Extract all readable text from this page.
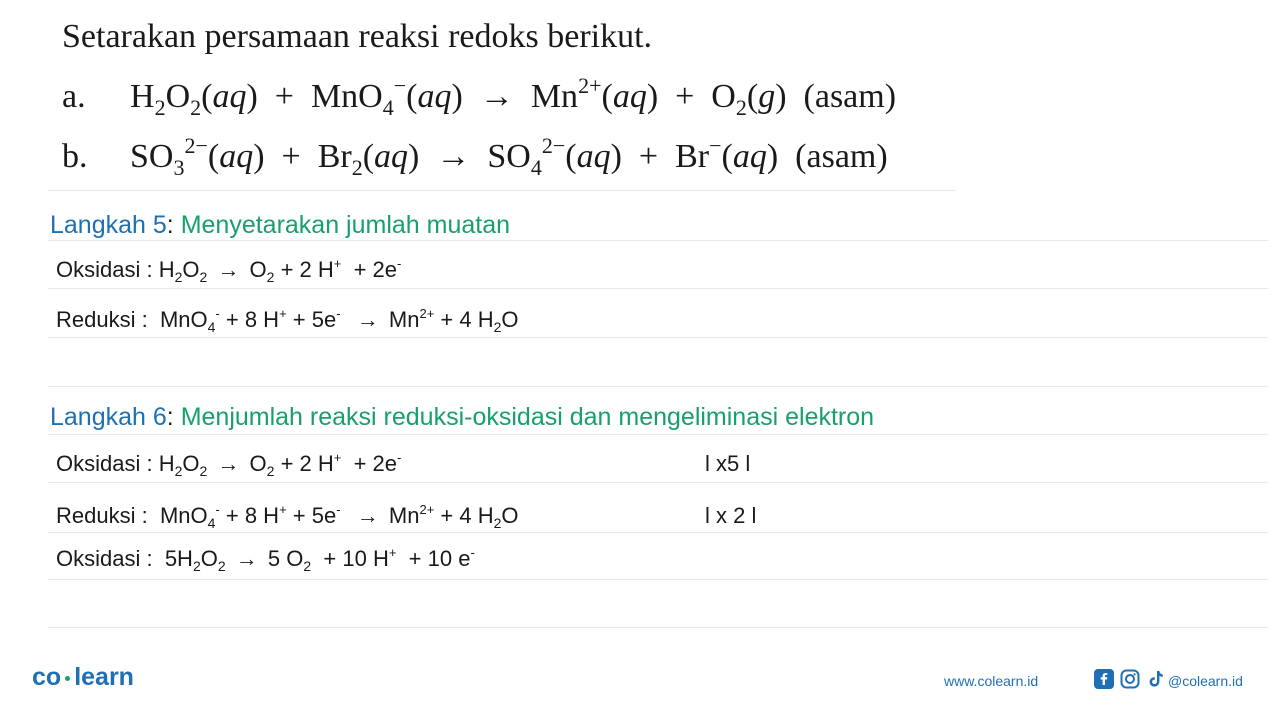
Setarakan persamaan reaksi redoks berikut.
a. $H_2O_2(aq) + MnO_4^-(aq) \to Mn^{2+}(aq) + O_2(g)$  (asam)
b. $SO_3^{2-}(aq) + Br_2(aq) \to SO_4^{2-}(aq) + Br^-(aq)$  (asam)
Langkah 5: Menyetarakan jumlah muatan
Oksidasi : $H_2O_2 \to O_2 + 2$ H+  + 2e-
Reduksi :  MnO$_4$- + 8 $H^+ + 5e^- \to Mn^{2+} + 4$ $H_2O$
Langkah 6: Menjumlah reaksi reduksi-oksidasi dan mengeliminasi elektron
Oksidasi : $H_2O_2 \to O_2 + 2$ H+  + 2e-	l x5 l
Reduksi :  MnO$_4$- + 8 $H^+ + 5e^- \to Mn^{2+} + 4$ $H_2O$	l x 2 l
Oksidasi :  $5H_2O_2 \to 5$ $O_2 + 10$ H+  + 10 e-
co learn	www.colearn.id	@colearn.id
